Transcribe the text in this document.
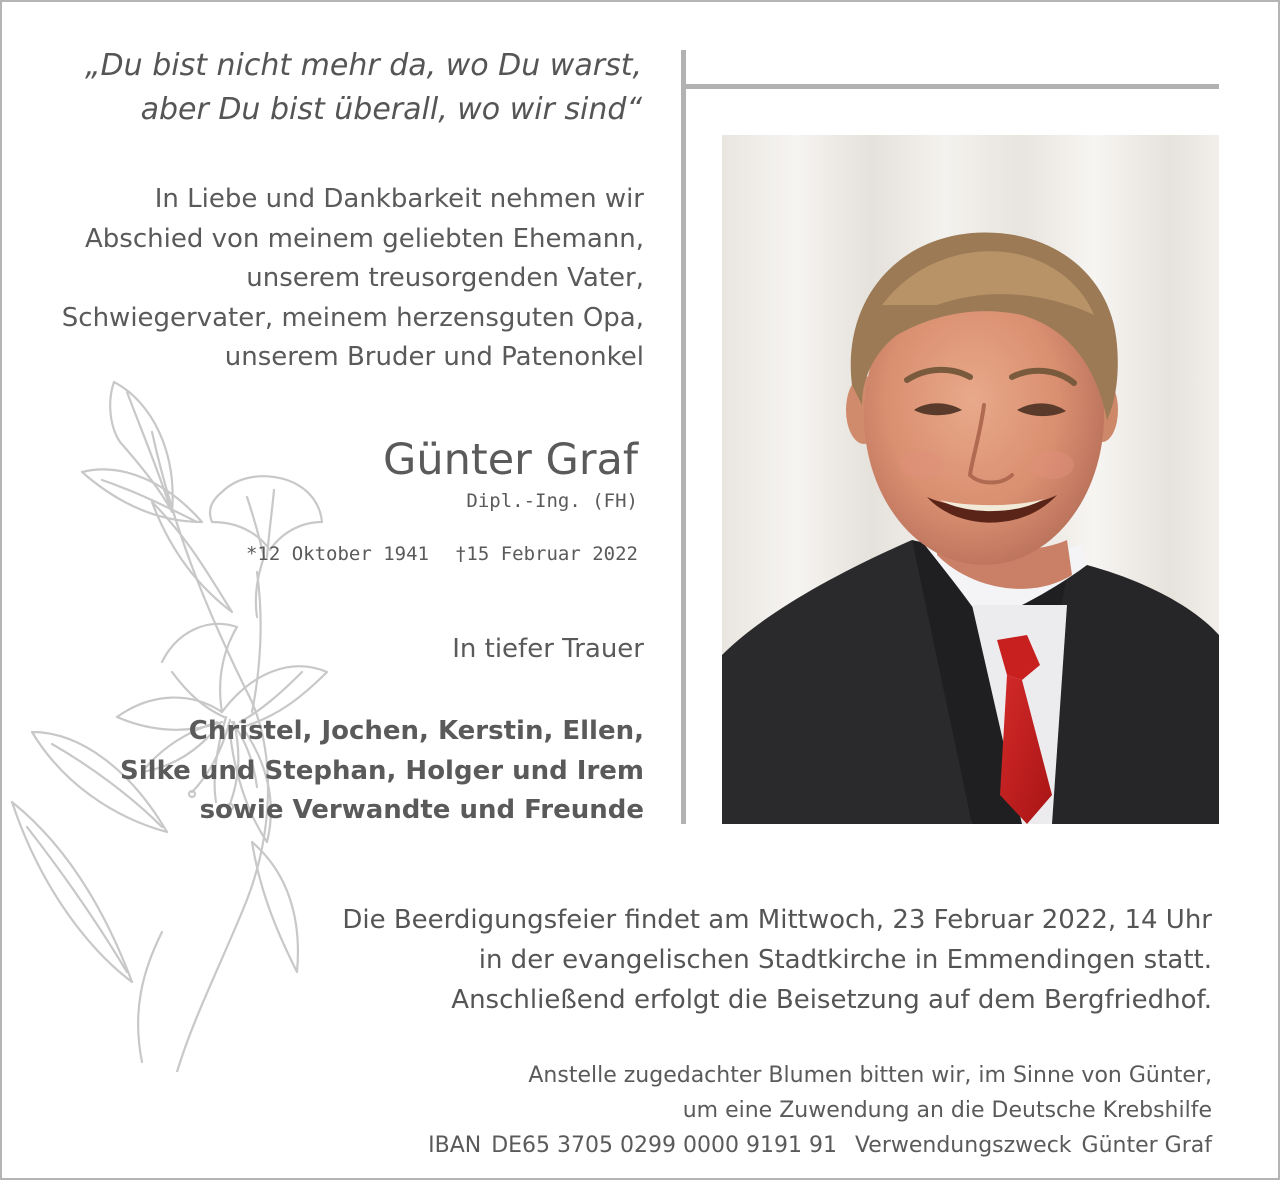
„Du bist nicht mehr da, wo Du warst,
aber Du bist überall, wo wir sind“
In Liebe und Dankbarkeit nehmen wir
Abschied von meinem geliebten Ehemann,
unserem treusorgenden Vater,
Schwiegervater, meinem herzensguten Opa,
unserem Bruder und Patenonkel
Günter Graf
Dipl.-Ing. (FH)
*12 Oktober 1941 †15 Februar 2022
In tiefer Trauer
Christel, Jochen, Kerstin, Ellen,
Silke und Stephan, Holger und Irem
sowie Verwandte und Freunde
Die Beerdigungsfeier findet am Mittwoch, 23 Februar 2022, 14 Uhr
in der evangelischen Stadtkirche in Emmendingen statt.
Anschließend erfolgt die Beisetzung auf dem Bergfriedhof.
Anstelle zugedachter Blumen bitten wir, im Sinne von Günter,
um eine Zuwendung an die Deutsche Krebshilfe
IBAN DE65 3705 0299 0000 9191 91 Verwendungszweck Günter Graf
